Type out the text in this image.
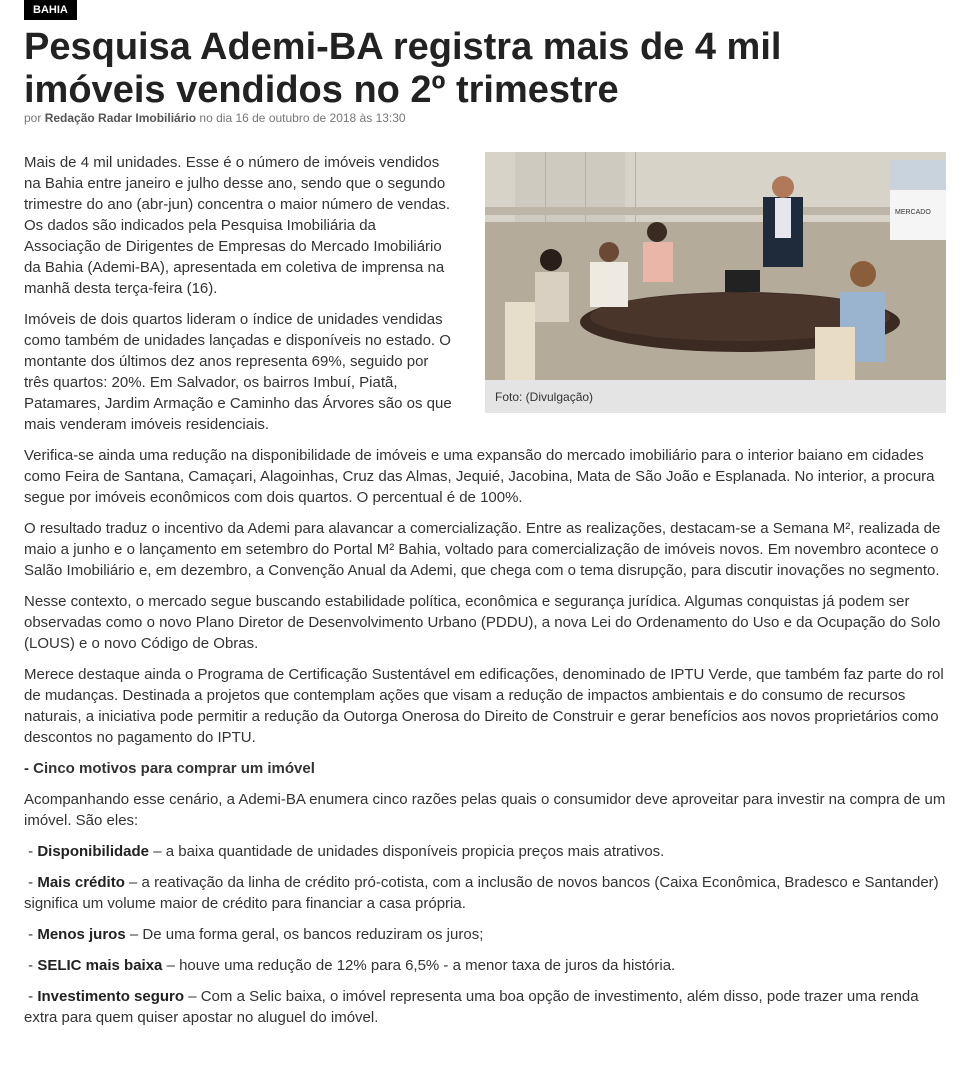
BAHIA
Pesquisa Ademi-BA registra mais de 4 mil imóveis vendidos no 2º trimestre
por Redação Radar Imobiliário no dia 16 de outubro de 2018 às 13:30
MERCADO
Foto: (Divulgação)

Mais de 4 mil unidades. Esse é o número de imóveis vendidos na Bahia entre janeiro e julho desse ano, sendo que o segundo trimestre do ano (abr-jun) concentra o maior número de vendas. Os dados são indicados pela Pesquisa Imobiliária da Associação de Dirigentes de Empresas do Mercado Imobiliário da Bahia (Ademi-BA), apresentada em coletiva de imprensa na manhã desta terça-feira (16).

Imóveis de dois quartos lideram o índice de unidades vendidas como também de unidades lançadas e disponíveis no estado. O montante dos últimos dez anos representa 69%, seguido por três quartos: 20%. Em Salvador, os bairros Imbuí, Piatã, Patamares, Jardim Armação e Caminho das Árvores são os que mais venderam imóveis residenciais.

Verifica-se ainda uma redução na disponibilidade de imóveis e uma expansão do mercado imobiliário para o interior baiano em cidades como Feira de Santana, Camaçari, Alagoinhas, Cruz das Almas, Jequié, Jacobina, Mata de São João e Esplanada. No interior, a procura segue por imóveis econômicos com dois quartos. O percentual é de 100%.

O resultado traduz o incentivo da Ademi para alavancar a comercialização. Entre as realizações, destacam-se a Semana M², realizada de maio a junho e o lançamento em setembro do Portal M² Bahia, voltado para comercialização de imóveis novos. Em novembro acontece o Salão Imobiliário e, em dezembro, a Convenção Anual da Ademi, que chega com o tema disrupção, para discutir inovações no segmento.

Nesse contexto, o mercado segue buscando estabilidade política, econômica e segurança jurídica. Algumas conquistas já podem ser observadas como o novo Plano Diretor de Desenvolvimento Urbano (PDDU), a nova Lei do Ordenamento do Uso e da Ocupação do Solo (LOUS) e o novo Código de Obras.

Merece destaque ainda o Programa de Certificação Sustentável em edificações, denominado de IPTU Verde, que também faz parte do rol de mudanças. Destinada a projetos que contemplam ações que visam a redução de impactos ambientais e do consumo de recursos naturais, a iniciativa pode permitir a redução da Outorga Onerosa do Direito de Construir e gerar benefícios aos novos proprietários como descontos no pagamento do IPTU.

- Cinco motivos para comprar um imóvel

Acompanhando esse cenário, a Ademi-BA enumera cinco razões pelas quais o consumidor deve aproveitar para investir na compra de um imóvel. São eles:

- Disponibilidade – a baixa quantidade de unidades disponíveis propicia preços mais atrativos.

- Mais crédito – a reativação da linha de crédito pró-cotista, com a inclusão de novos bancos (Caixa Econômica, Bradesco e Santander) significa um volume maior de crédito para financiar a casa própria.

- Menos juros – De uma forma geral, os bancos reduziram os juros;

- SELIC mais baixa – houve uma redução de 12% para 6,5% - a menor taxa de juros da história.

- Investimento seguro – Com a Selic baixa, o imóvel representa uma boa opção de investimento, além disso, pode trazer uma renda extra para quem quiser apostar no aluguel do imóvel.
